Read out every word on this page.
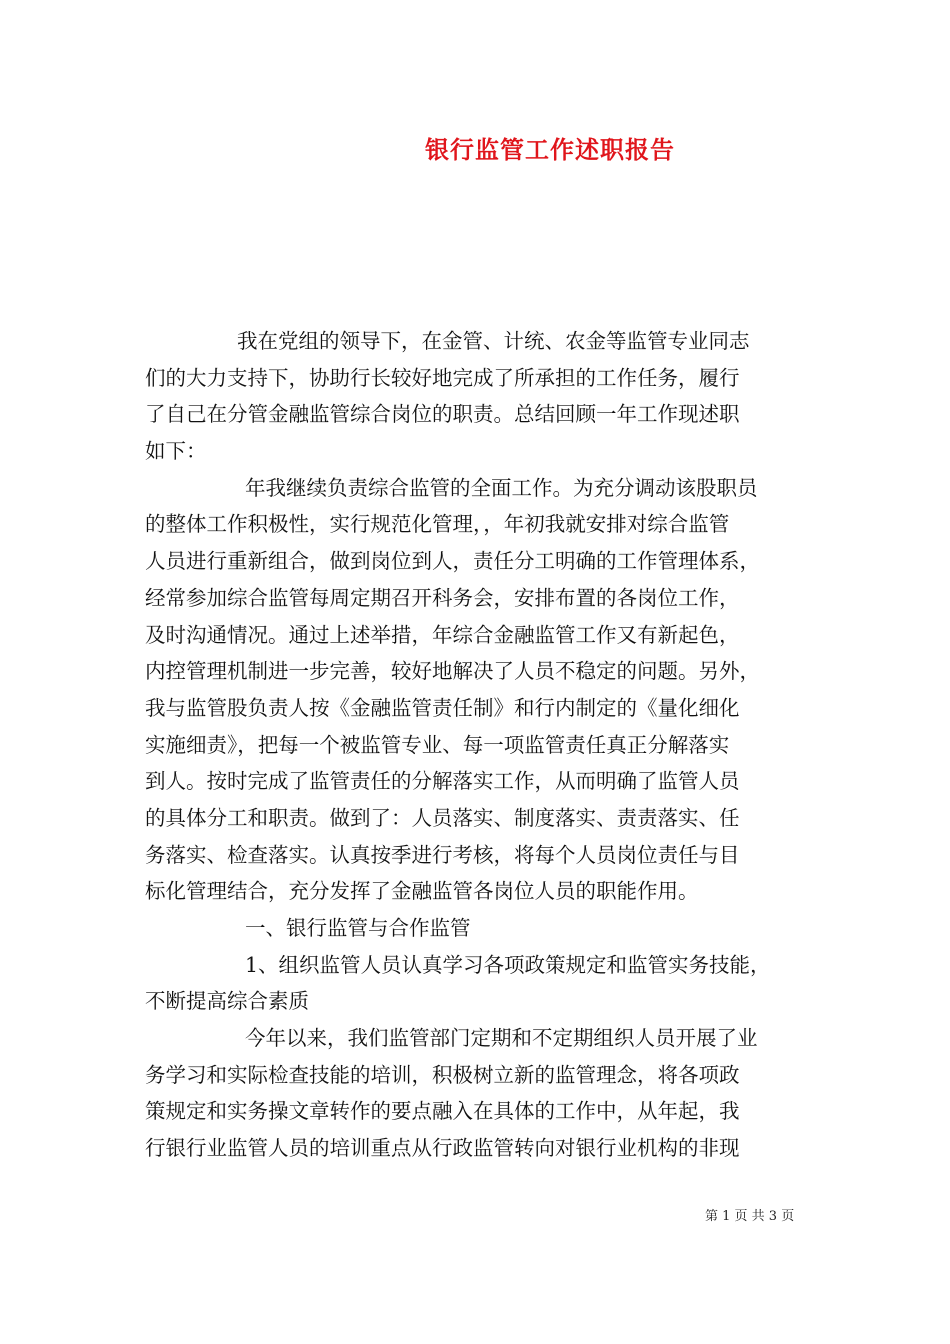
银行监管工作述职报告
我在党组的领导下，在金管、计统、农金等监管专业同志
们的大力支持下，协助行长较好地完成了所承担的工作任务，履行
了自己在分管金融监管综合岗位的职责。总结回顾一年工作现述职
如下：
年我继续负责综合监管的全面工作。为充分调动该股职员
的整体工作积极性，实行规范化管理，，年初我就安排对综合监管
人员进行重新组合，做到岗位到人，责任分工明确的工作管理体系，
经常参加综合监管每周定期召开科务会，安排布置的各岗位工作，
及时沟通情况。通过上述举措，年综合金融监管工作又有新起色，
内控管理机制进一步完善，较好地解决了人员不稳定的问题。另外，
我与监管股负责人按《金融监管责任制》和行内制定的《量化细化
实施细责》，把每一个被监管专业、每一项监管责任真正分解落实
到人。按时完成了监管责任的分解落实工作，从而明确了监管人员
的具体分工和职责。做到了：人员落实、制度落实、责责落实、任
务落实、检查落实。认真按季进行考核，将每个人员岗位责任与目
标化管理结合，充分发挥了金融监管各岗位人员的职能作用。
一、银行监管与合作监管
1、组织监管人员认真学习各项政策规定和监管实务技能，
不断提高综合素质
今年以来，我们监管部门定期和不定期组织人员开展了业
务学习和实际检查技能的培训，积极树立新的监管理念，将各项政
策规定和实务操文章转作的要点融入在具体的工作中，从年起，我
行银行业监管人员的培训重点从行政监管转向对银行业机构的非现
第 1 页 共 3 页
